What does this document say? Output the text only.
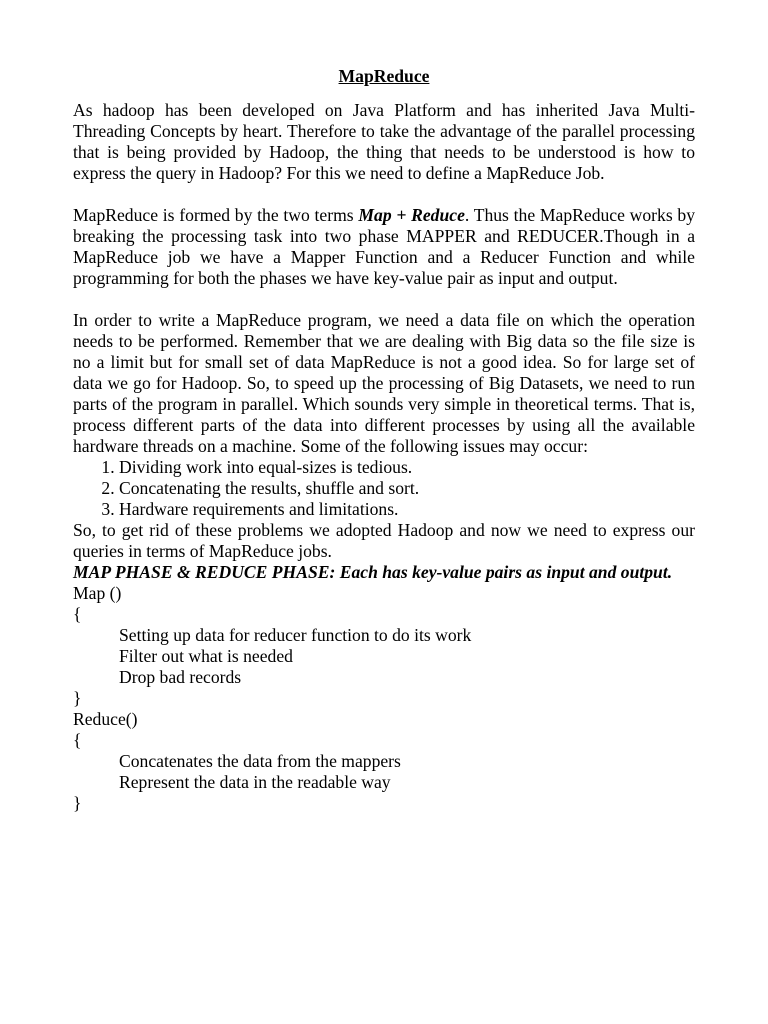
MapReduce

As hadoop has been developed on Java Platform and has inherited Java Multi-Threading Concepts by heart. Therefore to take the advantage of the parallel processing that is being provided by Hadoop, the thing that needs to be understood is how to express the query in Hadoop? For this we need to define a MapReduce Job.

MapReduce is formed by the two terms Map + Reduce. Thus the MapReduce works by breaking the processing task into two phase MAPPER and REDUCER.Though in a MapReduce job we have a Mapper Function and a Reducer Function and while programming for both the phases we have key-value pair as input and output.

In order to write a MapReduce program, we need a data file on which the operation needs to be performed. Remember that we are dealing with Big data so the file size is no a limit but for small set of data MapReduce is not a good idea. So for large set of data we go for Hadoop. So, to speed up the processing of Big Datasets, we need to run parts of the program in parallel. Which sounds very simple in theoretical terms. That is, process different parts of the data into different processes by using all the available hardware threads on a machine. Some of the following issues may occur:

1. Dividing work into equal-sizes is tedious.
2. Concatenating the results, shuffle and sort.
3. Hardware requirements and limitations.

So, to get rid of these problems we adopted Hadoop and now we need to express our queries in terms of MapReduce jobs.

MAP PHASE & REDUCE PHASE: Each has key-value pairs as input and output.

Map ()
{
Setting up data for reducer function to do its work
Filter out what is needed
Drop bad records
}
Reduce()
{
Concatenates the data from the mappers
Represent the data in the readable way
}
